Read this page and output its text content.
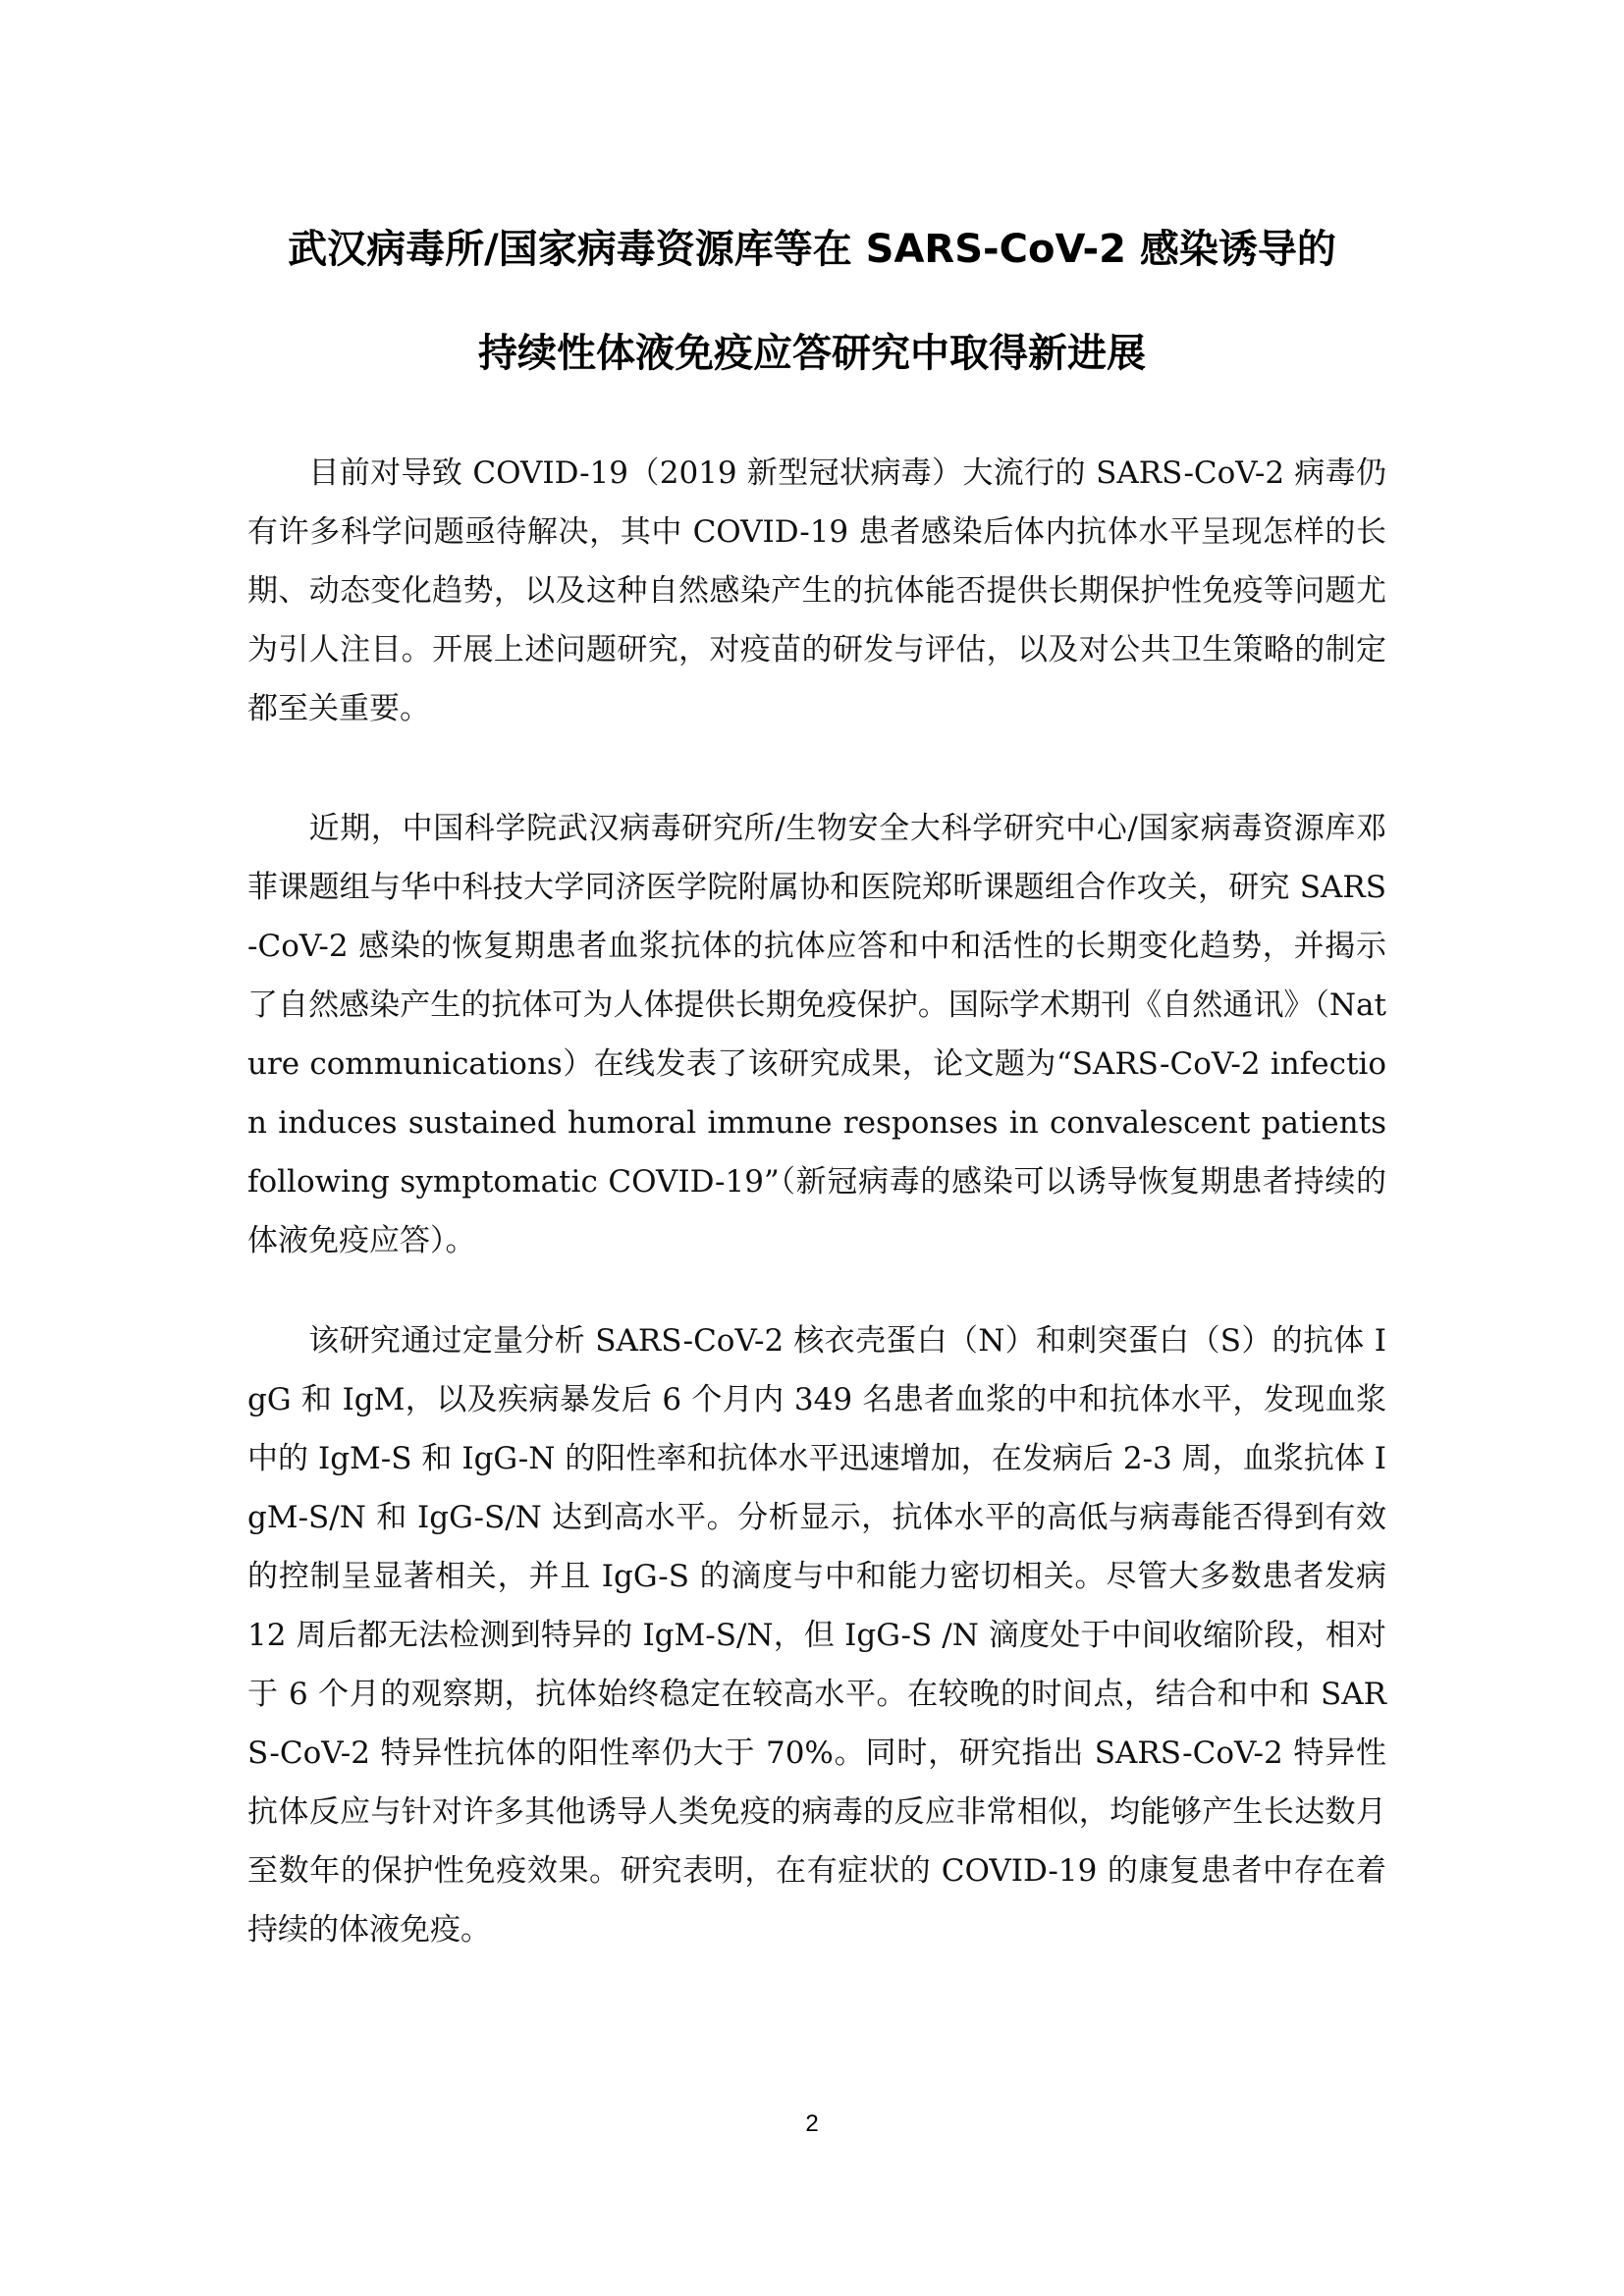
武汉病毒所/国家病毒资源库等在 SARS-CoV-2 感染诱导的
持续性体液免疫应答研究中取得新进展

目前对导致 COVID-19（2019 新型冠状病毒）大流行的 SARS-CoV-2 病毒仍有许多科学问题亟待解决，其中 COVID-19 患者感染后体内抗体水平呈现怎样的长期、动态变化趋势，以及这种自然感染产生的抗体能否提供长期保护性免疫等问题尤为引人注目。开展上述问题研究，对疫苗的研发与评估，以及对公共卫生策略的制定都至关重要。

近期，中国科学院武汉病毒研究所/生物安全大科学研究中心/国家病毒资源库邓菲课题组与华中科技大学同济医学院附属协和医院郑昕课题组合作攻关，研究 SARS-CoV-2 感染的恢复期患者血浆抗体的抗体应答和中和活性的长期变化趋势，并揭示了自然感染产生的抗体可为人体提供长期免疫保护。国际学术期刊《自然通讯》（Nature communications）在线发表了该研究成果，论文题为“SARS-CoV-2 infection induces sustained humoral immune responses in convalescent patients following symptomatic COVID-19”（新冠病毒的感染可以诱导恢复期患者持续的体液免疫应答）。

该研究通过定量分析 SARS-CoV-2 核衣壳蛋白（N）和刺突蛋白（S）的抗体 IgG 和 IgM，以及疾病暴发后 6 个月内 349 名患者血浆的中和抗体水平，发现血浆中的 IgM-S 和 IgG-N 的阳性率和抗体水平迅速增加，在发病后 2-3 周，血浆抗体 IgM-S/N 和 IgG-S/N 达到高水平。分析显示，抗体水平的高低与病毒能否得到有效的控制呈显著相关，并且 IgG-S 的滴度与中和能力密切相关。尽管大多数患者发病 12 周后都无法检测到特异的 IgM-S/N，但 IgG-S /N 滴度处于中间收缩阶段，相对于 6 个月的观察期，抗体始终稳定在较高水平。在较晚的时间点，结合和中和 SARS-CoV-2 特异性抗体的阳性率仍大于 70%。同时，研究指出 SARS-CoV-2 特异性抗体反应与针对许多其他诱导人类免疫的病毒的反应非常相似，均能够产生长达数月至数年的保护性免疫效果。研究表明，在有症状的 COVID-19 的康复患者中存在着持续的体液免疫。

2
